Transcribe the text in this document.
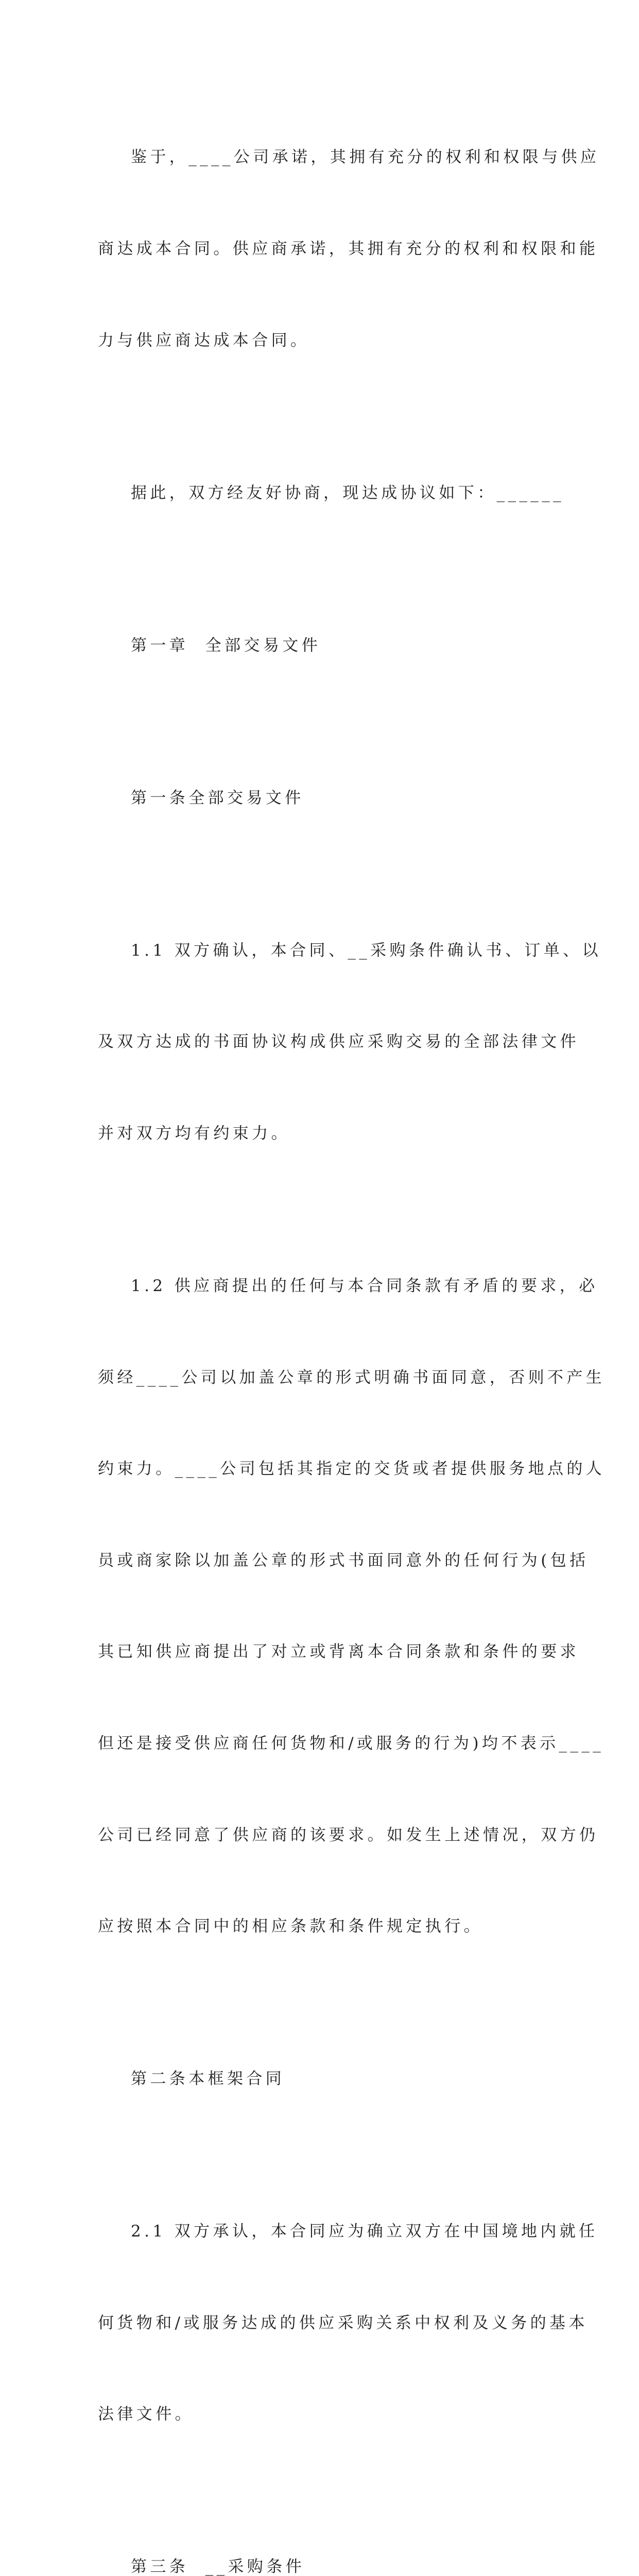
鉴于，____公司承诺，其拥有充分的权利和权限与供应

商达成本合同。供应商承诺，其拥有充分的权利和权限和能

力与供应商达成本合同。

据此，双方经友好协商，现达成协议如下：______

第一章  全部交易文件

第一条全部交易文件

1.1 双方确认，本合同、__采购条件确认书、订单、以

及双方达成的书面协议构成供应采购交易的全部法律文件

并对双方均有约束力。

1.2 供应商提出的任何与本合同条款有矛盾的要求，必

须经____公司以加盖公章的形式明确书面同意，否则不产生

约束力。____公司包括其指定的交货或者提供服务地点的人

员或商家除以加盖公章的形式书面同意外的任何行为(包括

其已知供应商提出了对立或背离本合同条款和条件的要求

但还是接受供应商任何货物和/或服务的行为)均不表示____

公司已经同意了供应商的该要求。如发生上述情况，双方仍

应按照本合同中的相应条款和条件规定执行。

第二条本框架合同

2.1 双方承认，本合同应为确立双方在中国境地内就任

何货物和/或服务达成的供应采购关系中权利及义务的基本

法律文件。

第三条  __采购条件
